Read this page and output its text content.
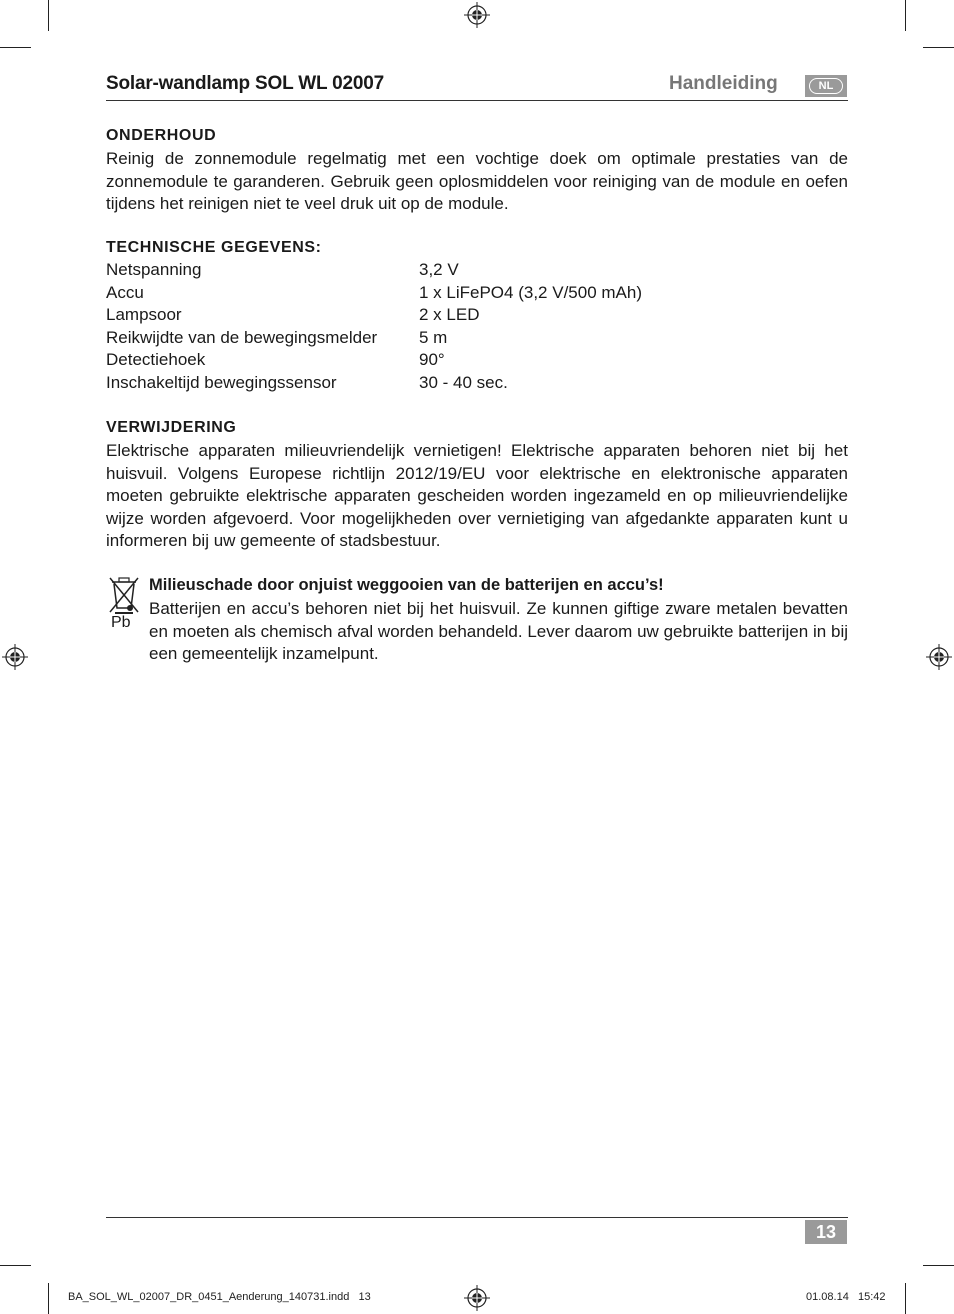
Solar-wandlamp SOL WL 02007	Handleiding	NL
ONDERHOUD
Reinig de zonnemodule regelmatig met een vochtige doek om optimale prestaties van de zonnemodule te garanderen. Gebruik geen oplosmiddelen voor reiniging van de module en oefen tijdens het reinigen niet te veel druk uit op de module.
TECHNISCHE GEGEVENS:
Netspanning	3,2 V
Accu	1 x LiFePO4 (3,2 V/500 mAh)
Lampsoor	2 x LED
Reikwijdte van de bewegingsmelder 5 m
Detectiehoek	90°
Inschakeltijd bewegingssensor	30 - 40 sec.
VERWIJDERING
Elektrische apparaten milieuvriendelijk vernietigen! Elektrische apparaten behoren niet bij het huisvuil. Volgens Europese richtlijn 2012/19/EU voor elektrische en elektronische apparaten moeten gebruikte elektrische apparaten gescheiden worden ingezameld en op milieuvriendelijke wijze worden afgevoerd. Voor mogelijkheden over vernietiging van afgedankte apparaten kunt u informeren bij uw gemeente of stadsbestuur.
Pb
Milieuschade door onjuist weggooien van de batterijen en accu’s!
Batterijen en accu’s behoren niet bij het huisvuil. Ze kunnen giftige zware metalen bevatten en moeten als chemisch afval worden behandeld. Lever daarom uw gebruikte batterijen in bij een gemeentelijk inzamelpunt.
13
BA_SOL_WL_02007_DR_0451_Aenderung_140731.indd   13	01.08.14   15:42
